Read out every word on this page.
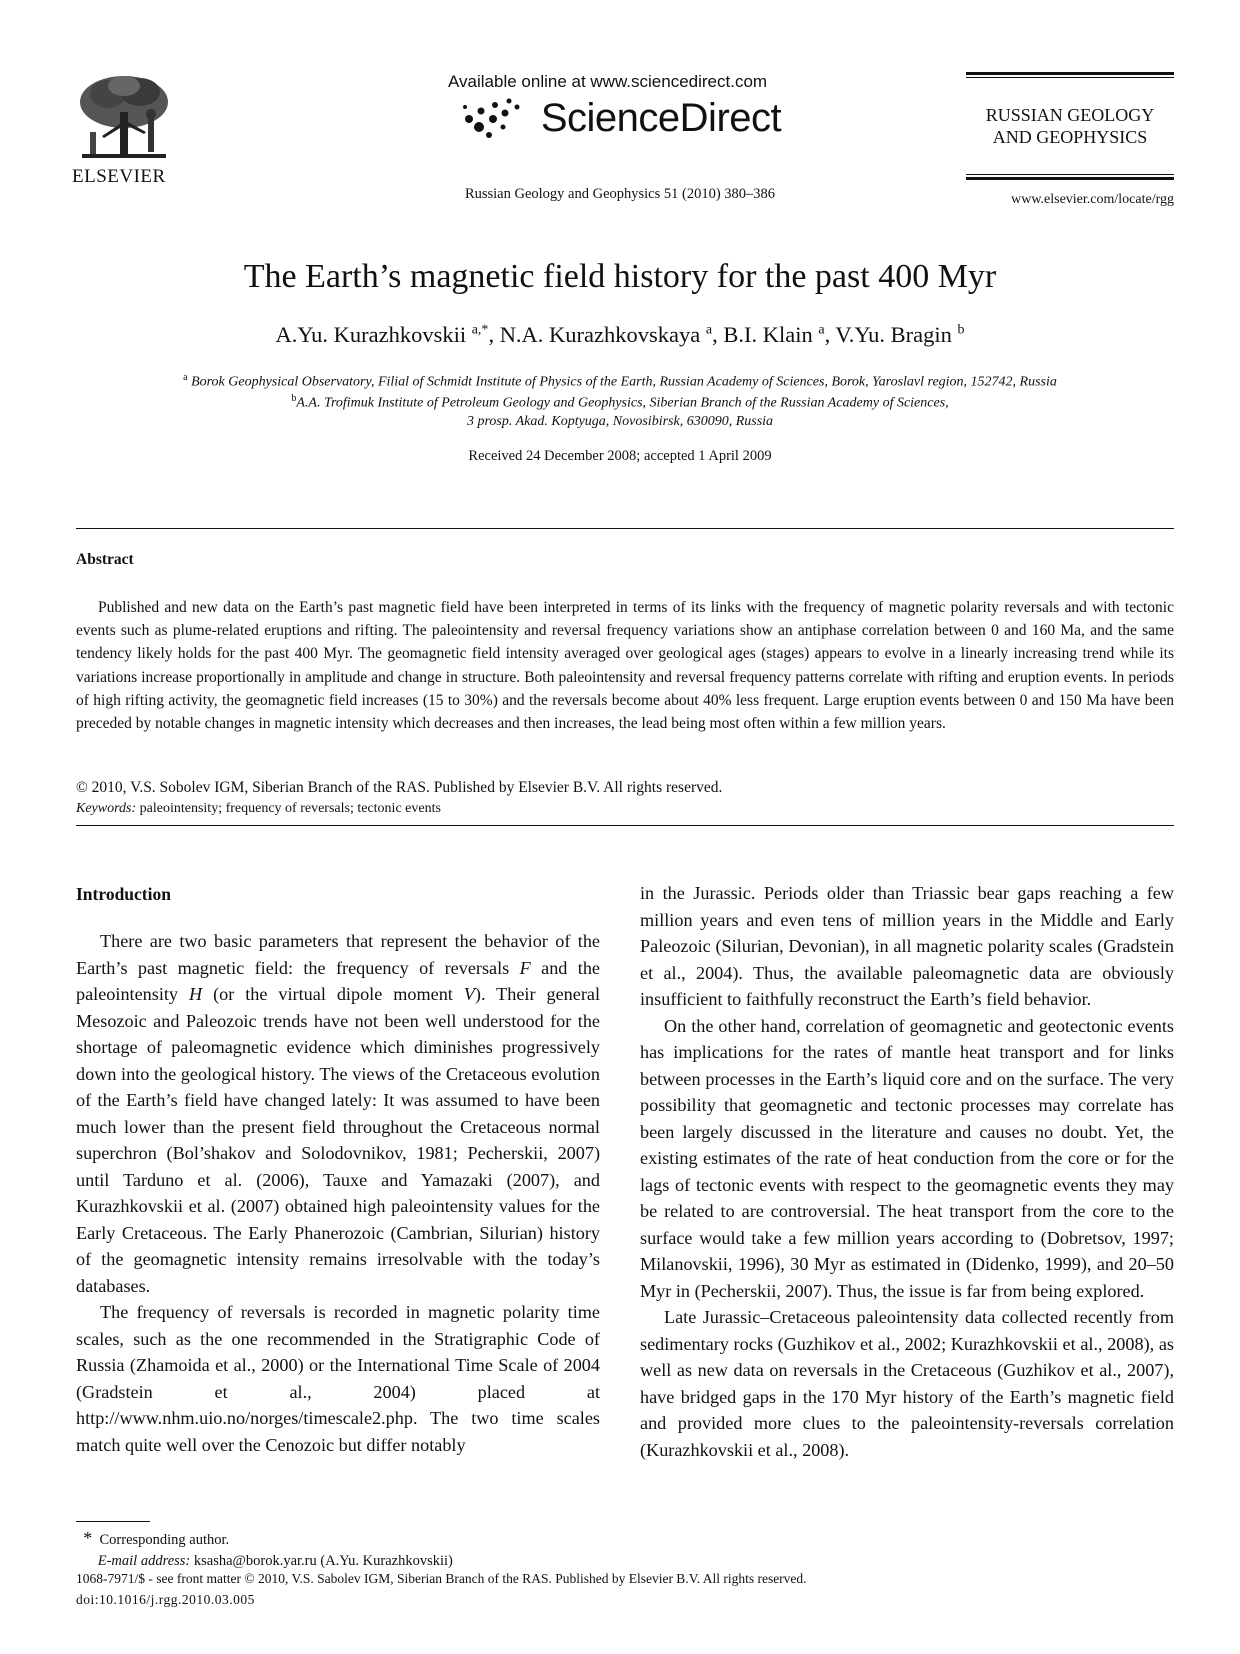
ELSEVIER
Available online at www.sciencedirect.com
ScienceDirect
Russian Geology and Geophysics 51 (2010) 380–386
RUSSIAN GEOLOGY
AND GEOPHYSICS
www.elsevier.com/locate/rgg
The Earth’s magnetic field history for the past 400 Myr
A.Yu. Kurazhkovskii $^{a,*}$, N.A. Kurazhkovskaya $^a$, B.I. Klain $^a$, V.Yu. Bragin $^b$
$^a$ Borok Geophysical Observatory, Filial of Schmidt Institute of Physics of the Earth, Russian Academy of Sciences, Borok, Yaroslavl region, 152742, Russia
$^b$A.A. Trofimuk Institute of Petroleum Geology and Geophysics, Siberian Branch of the Russian Academy of Sciences,
3 prosp. Akad. Koptyuga, Novosibirsk, 630090, Russia
Received 24 December 2008; accepted 1 April 2009
Abstract
Published and new data on the Earth’s past magnetic field have been interpreted in terms of its links with the frequency of magnetic polarity reversals and with tectonic events such as plume-related eruptions and rifting. The paleointensity and reversal frequency variations show an antiphase correlation between 0 and 160 Ma, and the same tendency likely holds for the past 400 Myr. The geomagnetic field intensity averaged over geological ages (stages) appears to evolve in a linearly increasing trend while its variations increase proportionally in amplitude and change in structure. Both paleointensity and reversal frequency patterns correlate with rifting and eruption events. In periods of high rifting activity, the geomagnetic field increases (15 to 30%) and the reversals become about 40% less frequent. Large eruption events between 0 and 150 Ma have been preceded by notable changes in magnetic intensity which decreases and then increases, the lead being most often within a few million years.
© 2010, V.S. Sobolev IGM, Siberian Branch of the RAS. Published by Elsevier B.V. All rights reserved.
Keywords: paleointensity; frequency of reversals; tectonic events
Introduction

There are two basic parameters that represent the behavior of the Earth’s past magnetic field: the frequency of reversals F and the paleointensity H (or the virtual dipole moment V). Their general Mesozoic and Paleozoic trends have not been well understood for the shortage of paleomagnetic evidence which diminishes progressively down into the geological history. The views of the Cretaceous evolution of the Earth’s field have changed lately: It was assumed to have been much lower than the present field throughout the Cretaceous normal superchron (Bol’shakov and Solodovnikov, 1981; Pecherskii, 2007) until Tarduno et al. (2006), Tauxe and Yamazaki (2007), and Kurazhkovskii et al. (2007) obtained high paleointensity values for the Early Cretaceous. The Early Phanerozoic (Cambrian, Silurian) history of the geomagnetic intensity remains irresolvable with the today’s databases.

The frequency of reversals is recorded in magnetic polarity time scales, such as the one recommended in the Stratigraphic Code of Russia (Zhamoida et al., 2000) or the International Time Scale of 2004 (Gradstein et al., 2004) placed at http://www.nhm.uio.no/norges/timescale2.php. The two time scales match quite well over the Cenozoic but differ notably

in the Jurassic. Periods older than Triassic bear gaps reaching a few million years and even tens of million years in the Middle and Early Paleozoic (Silurian, Devonian), in all magnetic polarity scales (Gradstein et al., 2004). Thus, the available paleomagnetic data are obviously insufficient to faithfully reconstruct the Earth’s field behavior.

On the other hand, correlation of geomagnetic and geotectonic events has implications for the rates of mantle heat transport and for links between processes in the Earth’s liquid core and on the surface. The very possibility that geomagnetic and tectonic processes may correlate has been largely discussed in the literature and causes no doubt. Yet, the existing estimates of the rate of heat conduction from the core or for the lags of tectonic events with respect to the geomagnetic events they may be related to are controversial. The heat transport from the core to the surface would take a few million years according to (Dobretsov, 1997; Milanovskii, 1996), 30 Myr as estimated in (Didenko, 1999), and 20–50 Myr in (Pecherskii, 2007). Thus, the issue is far from being explored.

Late Jurassic–Cretaceous paleointensity data collected recently from sedimentary rocks (Guzhikov et al., 2002; Kurazhkovskii et al., 2008), as well as new data on reversals in the Cretaceous (Guzhikov et al., 2007), have bridged gaps in the 170 Myr history of the Earth’s magnetic field and provided more clues to the paleointensity-reversals correlation (Kurazhkovskii et al., 2008).

* Corresponding author.
E-mail address: ksasha@borok.yar.ru (A.Yu. Kurazhkovskii)
1068-7971/$ - see front matter © 2010, V.S. Sabolev IGM, Siberian Branch of the RAS. Published by Elsevier B.V. All rights reserved.
doi:10.1016/j.rgg.2010.03.005
